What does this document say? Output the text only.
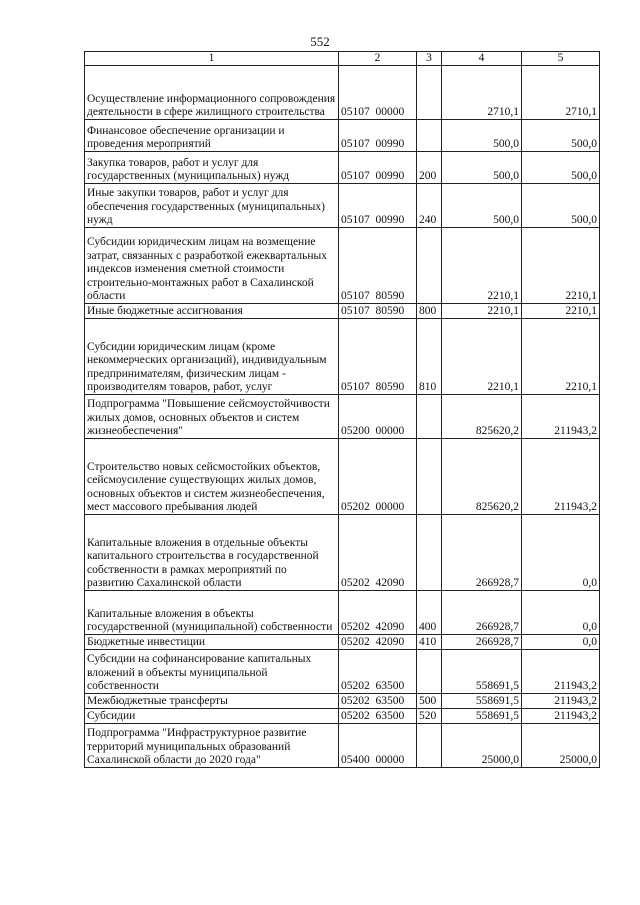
552
1	2	3	4	5
Осуществление информационного сопровождения деятельности в сфере жилищного строительства	05107  00000		2710,1	2710,1
Финансовое обеспечение организации и проведения мероприятий	05107  00990		500,0	500,0
Закупка товаров, работ и услуг для государственных (муниципальных) нужд	05107  00990	200	500,0	500,0
Иные закупки товаров, работ и услуг для обеспечения государственных (муниципальных) нужд	05107  00990	240	500,0	500,0
Субсидии юридическим лицам на возмещение затрат, связанных с разработкой ежеквартальных индексов изменения сметной стоимости строительно-монтажных работ в Сахалинской области	05107  80590		2210,1	2210,1
Иные бюджетные ассигнования	05107  80590	800	2210,1	2210,1
Субсидии юридическим лицам (кроме некоммерческих организаций), индивидуальным предпринимателям, физическим лицам - производителям товаров, работ, услуг	05107  80590	810	2210,1	2210,1
Подпрограмма "Повышение сейсмоустойчивости жилых домов, основных объектов и систем жизнеобеспечения"	05200  00000		825620,2	211943,2
Строительство новых сейсмостойких объектов, сейсмоусиление существующих жилых домов, основных объектов и систем жизнеобеспечения, мест массового пребывания людей	05202  00000		825620,2	211943,2
Капитальные вложения в отдельные объекты капитального строительства в государственной собственности в рамках мероприятий по развитию Сахалинской области	05202  42090		266928,7	0,0
Капитальные вложения в объекты государственной (муниципальной) собственности	05202  42090	400	266928,7	0,0
Бюджетные инвестиции	05202  42090	410	266928,7	0,0
Субсидии на софинансирование капитальных вложений в объекты муниципальной собственности	05202  63500		558691,5	211943,2
Межбюджетные трансферты	05202  63500	500	558691,5	211943,2
Субсидии	05202  63500	520	558691,5	211943,2
Подпрограмма "Инфраструктурное развитие территорий муниципальных образований Сахалинской области до 2020 года"	05400  00000		25000,0	25000,0
